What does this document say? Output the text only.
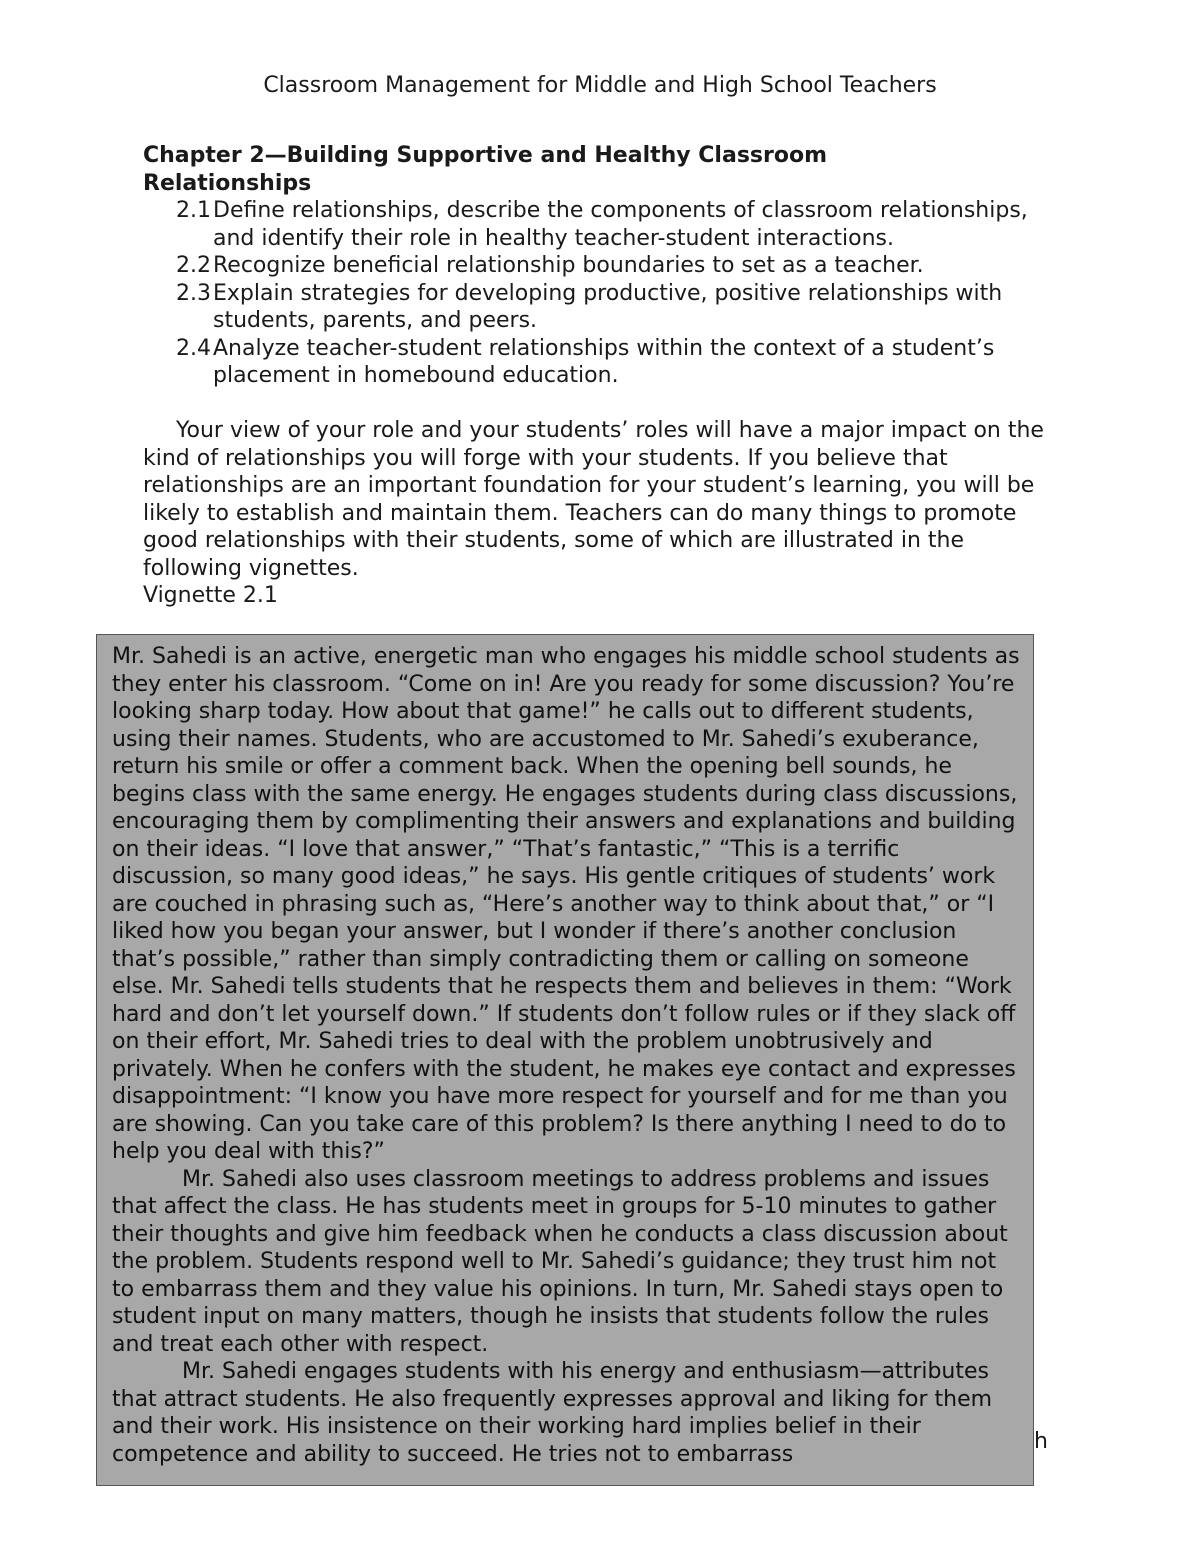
Classroom Management for Middle and High School Teachers

Chapter 2—Building Supportive and Healthy Classroom Relationships

2.1 Define relationships, describe the components of classroom relationships, and identify their role in healthy teacher-student interactions.
2.2 Recognize beneficial relationship boundaries to set as a teacher.
2.3 Explain strategies for developing productive, positive relationships with students, parents, and peers.
2.4 Analyze teacher-student relationships within the context of a student’s placement in homebound education.

Your view of your role and your students’ roles will have a major impact on the kind of relationships you will forge with your students. If you believe that relationships are an important foundation for your student’s learning, you will be likely to establish and maintain them. Teachers can do many things to promote good relationships with their students, some of which are illustrated in the following vignettes.

Vignette 2.1

Mr. Sahedi is an active, energetic man who engages his middle school students as they enter his classroom. “Come on in! Are you ready for some discussion? You’re looking sharp today. How about that game!” he calls out to different students, using their names. Students, who are accustomed to Mr. Sahedi’s exuberance, return his smile or offer a comment back. When the opening bell sounds, he begins class with the same energy. He engages students during class discussions, encouraging them by complimenting their answers and explanations and building on their ideas. “I love that answer,” “That’s fantastic,” “This is a terrific discussion, so many good ideas,” he says. His gentle critiques of students’ work are couched in phrasing such as, “Here’s another way to think about that,” or “I liked how you began your answer, but I wonder if there’s another conclusion that’s possible,” rather than simply contradicting them or calling on someone else. Mr. Sahedi tells students that he respects them and believes in them: “Work hard and don’t let yourself down.” If students don’t follow rules or if they slack off on their effort, Mr. Sahedi tries to deal with the problem unobtrusively and privately. When he confers with the student, he makes eye contact and expresses disappointment: “I know you have more respect for yourself and for me than you are showing. Can you take care of this problem? Is there anything I need to do to help you deal with this?”

Mr. Sahedi also uses classroom meetings to address problems and issues that affect the class. He has students meet in groups for 5-10 minutes to gather their thoughts and give him feedback when he conducts a class discussion about the problem. Students respond well to Mr. Sahedi’s guidance; they trust him not to embarrass them and they value his opinions. In turn, Mr. Sahedi stays open to student input on many matters, though he insists that students follow the rules and treat each other with respect.

Mr. Sahedi engages students with his energy and enthusiasm—attributes that attract students. He also frequently expresses approval and liking for them and their work. His insistence on their working hard implies belief in their competence and ability to succeed. He tries not to embarrass	h
